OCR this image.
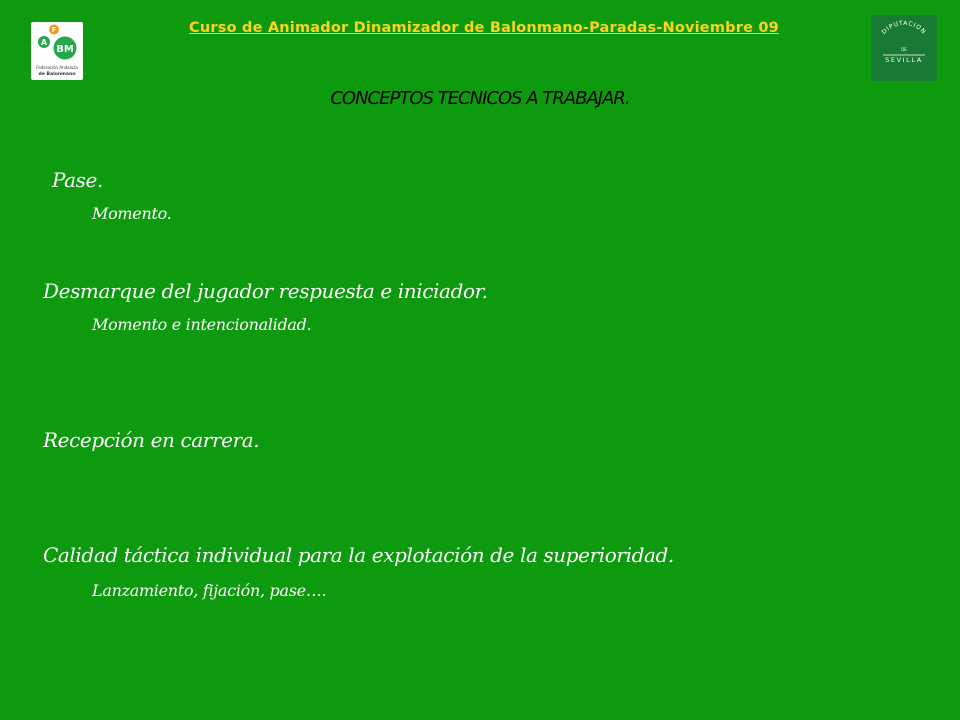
F
A
BM
Federación Andaluza
de Balonmano
Curso de Animador Dinamizador de Balonmano-Paradas-Noviembre 09	DIPUTACION
DE
SEVILLA
CONCEPTOS TECNICOS A TRABAJAR.
Pase.
Momento.
Desmarque del jugador respuesta e iniciador.
Momento e intencionalidad.
Recepción en carrera.
Calidad táctica individual para la explotación de la superioridad.
Lanzamiento, fijación, pase….
